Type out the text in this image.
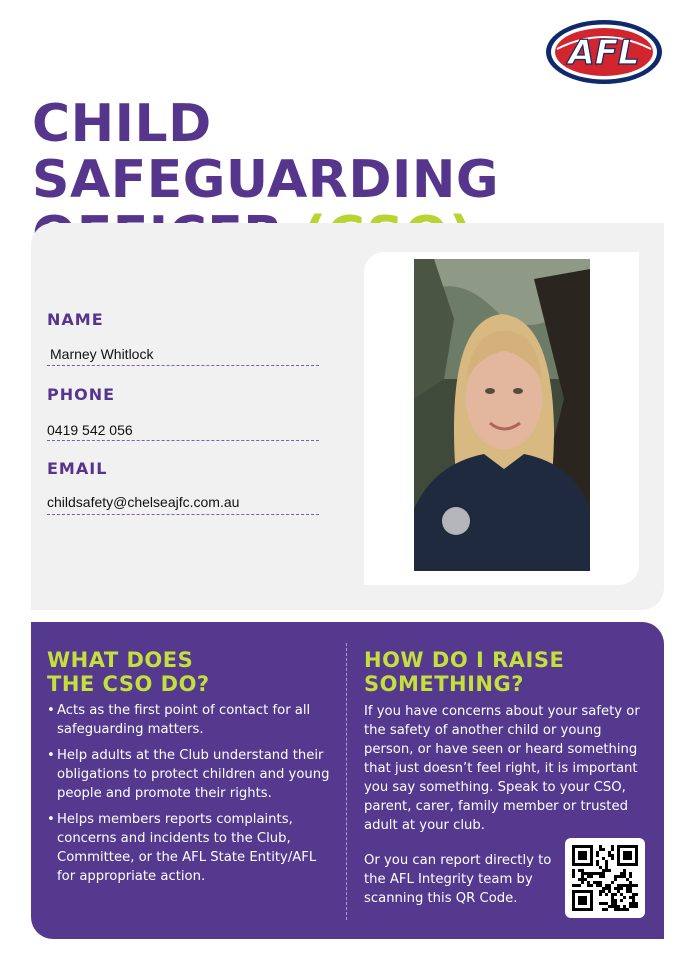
AFL
CHILD SAFEGUARDING
NAME
Marney Whitlock
PHONE
0419 542 056
EMAIL
childsafety@chelseajfc.com.au
WHAT DOES
THE CSO DO?
• Acts as the first point of contact for all safeguarding matters.
• Help adults at the Club understand their obligations to protect children and young people and promote their rights.
• Helps members reports complaints, concerns and incidents to the Club, Committee, or the AFL State Entity/AFL for appropriate action.
HOW DO I RAISE
SOMETHING?
If you have concerns about your safety or the safety of another child or young person, or have seen or heard something that just doesn’t feel right, it is important you say something. Speak to your CSO, parent, carer, family member or trusted adult at your club.
Or you can report directly to the AFL Integrity team by scanning this QR Code.
